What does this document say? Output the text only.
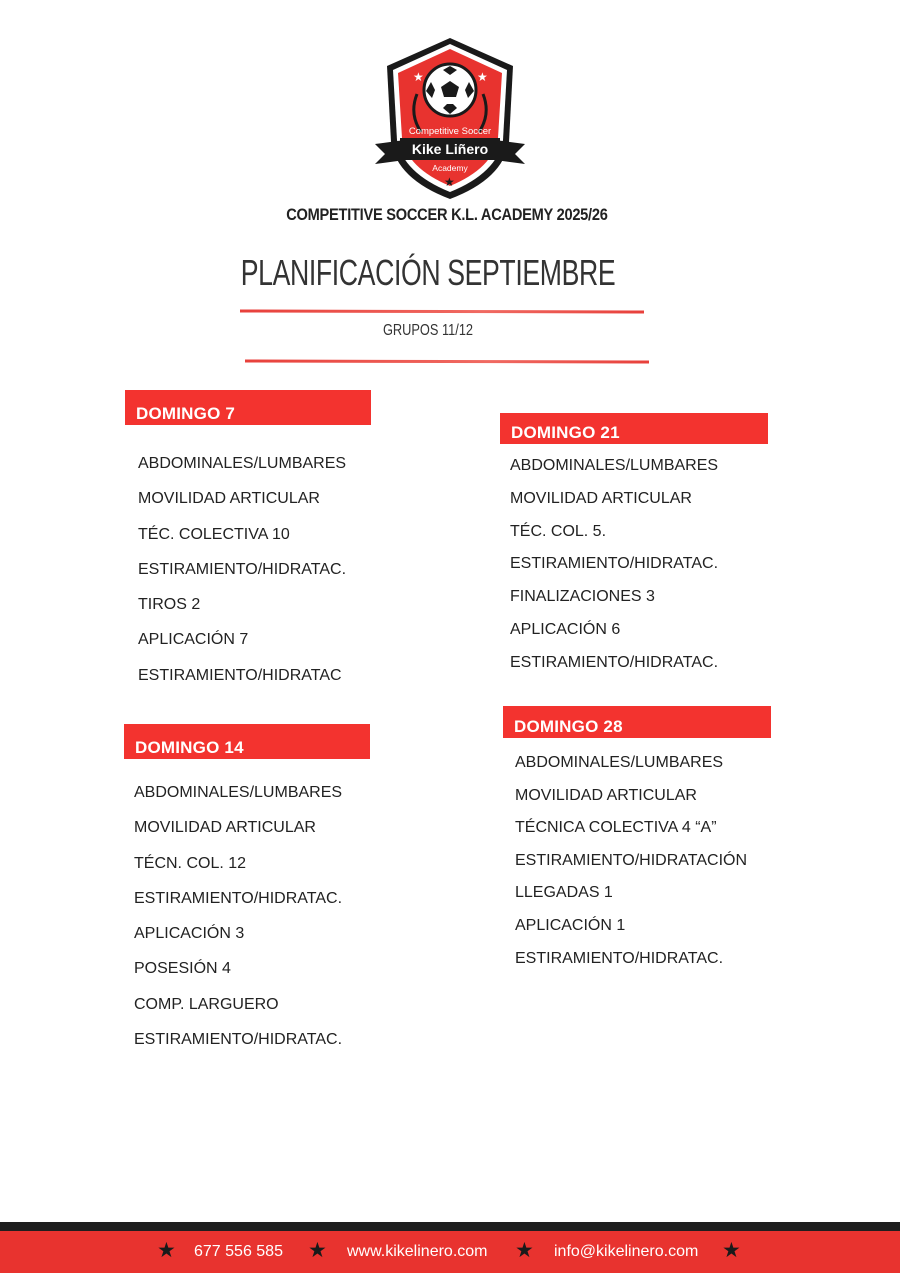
★	★
★
Competitive Soccer
Kike Liñero
Academy
COMPETITIVE SOCCER K.L. ACADEMY 2025/26
PLANIFICACIÓN SEPTIEMBRE
GRUPOS 11/12
DOMINGO 7
ABDOMINALES/LUMBARES
MOVILIDAD ARTICULAR
TÉC. COLECTIVA 10
ESTIRAMIENTO/HIDRATAC.
TIROS 2
APLICACIÓN 7
ESTIRAMIENTO/HIDRATAC
DOMINGO 14
ABDOMINALES/LUMBARES
MOVILIDAD ARTICULAR
TÉCN. COL. 12
ESTIRAMIENTO/HIDRATAC.
APLICACIÓN 3
POSESIÓN 4
COMP. LARGUERO
ESTIRAMIENTO/HIDRATAC.
DOMINGO 21
ABDOMINALES/LUMBARES
MOVILIDAD ARTICULAR
TÉC. COL. 5.
ESTIRAMIENTO/HIDRATAC.
FINALIZACIONES 3
APLICACIÓN 6
ESTIRAMIENTO/HIDRATAC.
DOMINGO 28
ABDOMINALES/LUMBARES
MOVILIDAD ARTICULAR
TÉCNICA COLECTIVA 4 “A”
ESTIRAMIENTO/HIDRATACIÓN
LLEGADAS 1
APLICACIÓN 1
ESTIRAMIENTO/HIDRATAC.
★ 677 556 585 ★ www.kikelinero.com ★ info@kikelinero.com ★
